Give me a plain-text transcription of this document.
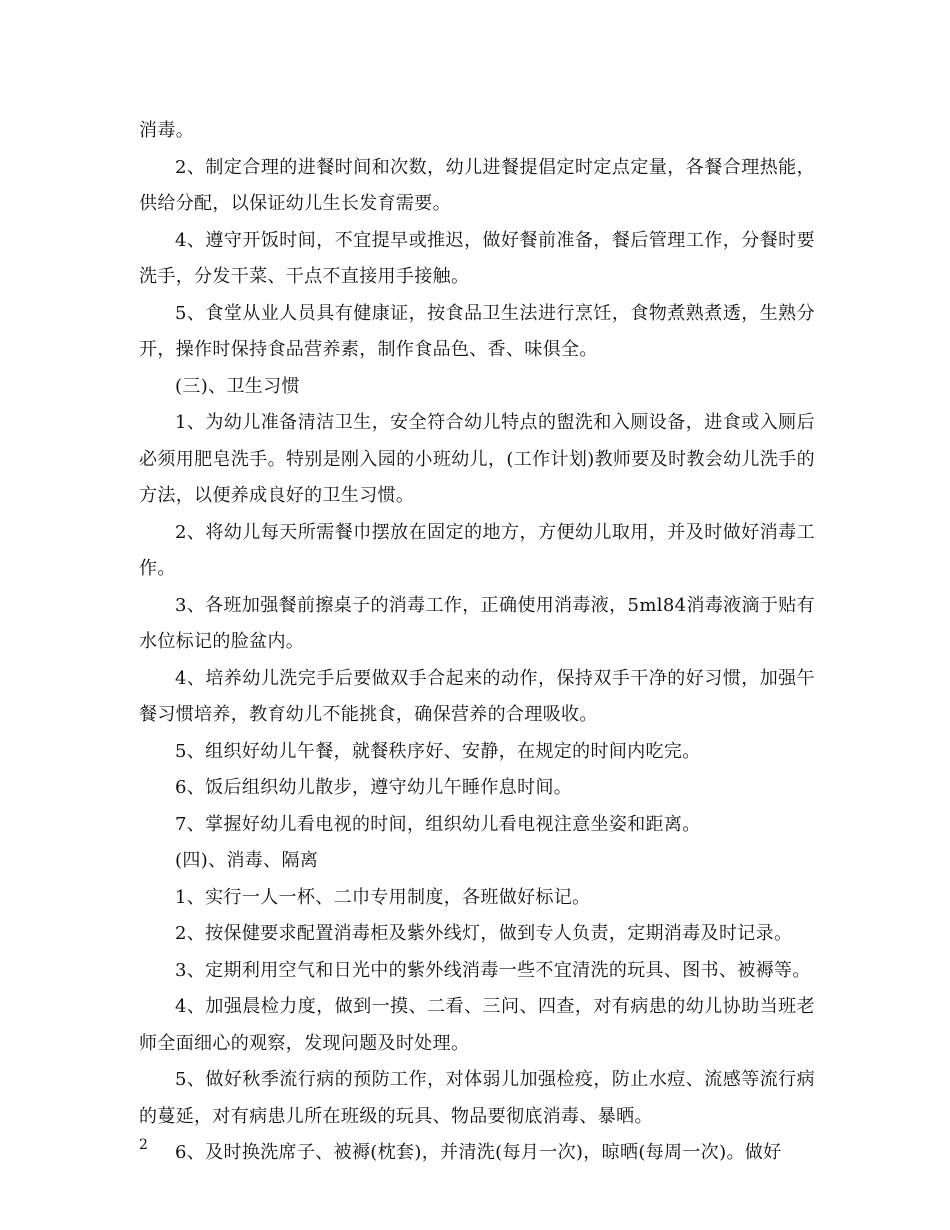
消毒。

2、制定合理的进餐时间和次数，幼儿进餐提倡定时定点定量，各餐合理热能，供给分配，以保证幼儿生长发育需要。

4、遵守开饭时间，不宜提早或推迟，做好餐前准备，餐后管理工作，分餐时要洗手，分发干菜、干点不直接用手接触。

5、食堂从业人员具有健康证，按食品卫生法进行烹饪，食物煮熟煮透，生熟分开，操作时保持食品营养素，制作食品色、香、味俱全。

(三)、卫生习惯

1、为幼儿准备清洁卫生，安全符合幼儿特点的盥洗和入厕设备，进食或入厕后必须用肥皂洗手。特别是刚入园的小班幼儿，(工作计划)教师要及时教会幼儿洗手的方法，以便养成良好的卫生习惯。

2、将幼儿每天所需餐巾摆放在固定的地方，方便幼儿取用，并及时做好消毒工作。

3、各班加强餐前擦桌子的消毒工作，正确使用消毒液，5ml84消毒液滴于贴有水位标记的脸盆内。

4、培养幼儿洗完手后要做双手合起来的动作，保持双手干净的好习惯，加强午餐习惯培养，教育幼儿不能挑食，确保营养的合理吸收。

5、组织好幼儿午餐，就餐秩序好、安静，在规定的时间内吃完。

6、饭后组织幼儿散步，遵守幼儿午睡作息时间。

7、掌握好幼儿看电视的时间，组织幼儿看电视注意坐姿和距离。

(四)、消毒、隔离

1、实行一人一杯、二巾专用制度，各班做好标记。

2、按保健要求配置消毒柜及紫外线灯，做到专人负责，定期消毒及时记录。

3、定期利用空气和日光中的紫外线消毒一些不宜清洗的玩具、图书、被褥等。

4、加强晨检力度，做到一摸、二看、三问、四查，对有病患的幼儿协助当班老师全面细心的观察，发现问题及时处理。

5、做好秋季流行病的预防工作，对体弱儿加强检疫，防止水痘、流感等流行病的蔓延，对有病患儿所在班级的玩具、物品要彻底消毒、暴晒。

6、及时换洗席子、被褥(枕套)，并清洗(每月一次)，晾晒(每周一次)。做好

2
